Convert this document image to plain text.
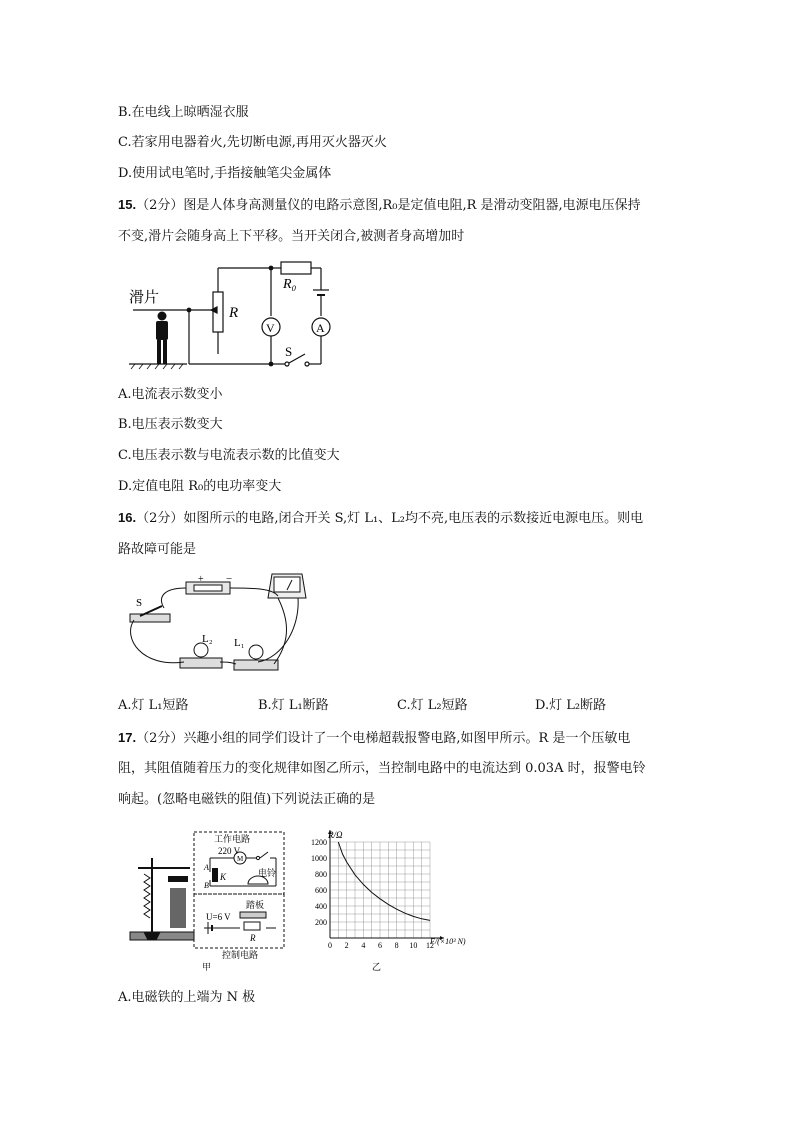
B.在电线上晾晒湿衣服
C.若家用电器着火,先切断电源,再用灭火器灭火
D.使用试电笔时,手指接触笔尖金属体
15.（2分）图是人体身高测量仪的电路示意图,R₀是定值电阻,R 是滑动变阻器,电源电压保持
不变,滑片会随身高上下平移。当开关闭合,被测者身高增加时
滑片
R
R₀
V	A
S
A.电流表示数变小
B.电压表示数变大
C.电压表示数与电流表示数的比值变大
D.定值电阻 R₀的电功率变大
16.（2分）如图所示的电路,闭合开关 S,灯 L₁、L₂均不亮,电压表的示数接近电源电压。则电
路故障可能是
+ −
S
L₂ L₁
A.灯 L₁短路	B.灯 L₁断路	C.灯 L₂短路	D.灯 L₂断路
17.（2分）兴趣小组的同学们设计了一个电梯超载报警电路,如图甲所示。R 是一个压敏电
阻，其阻值随着压力的变化规律如图乙所示，当控制电路中的电流达到 0.03A 时，报警电铃
响起。(忽略电磁铁的阻值)下列说法正确的是
工作电路
220 V
M
电铃
A
K
B
U=6 V
踏板
R
控制电路
甲
0 2 4 6 8 10 12
200
400
600
800
1000
1200
R/Ω
F/(×10³ N)
乙
A.电磁铁的上端为 N 极
